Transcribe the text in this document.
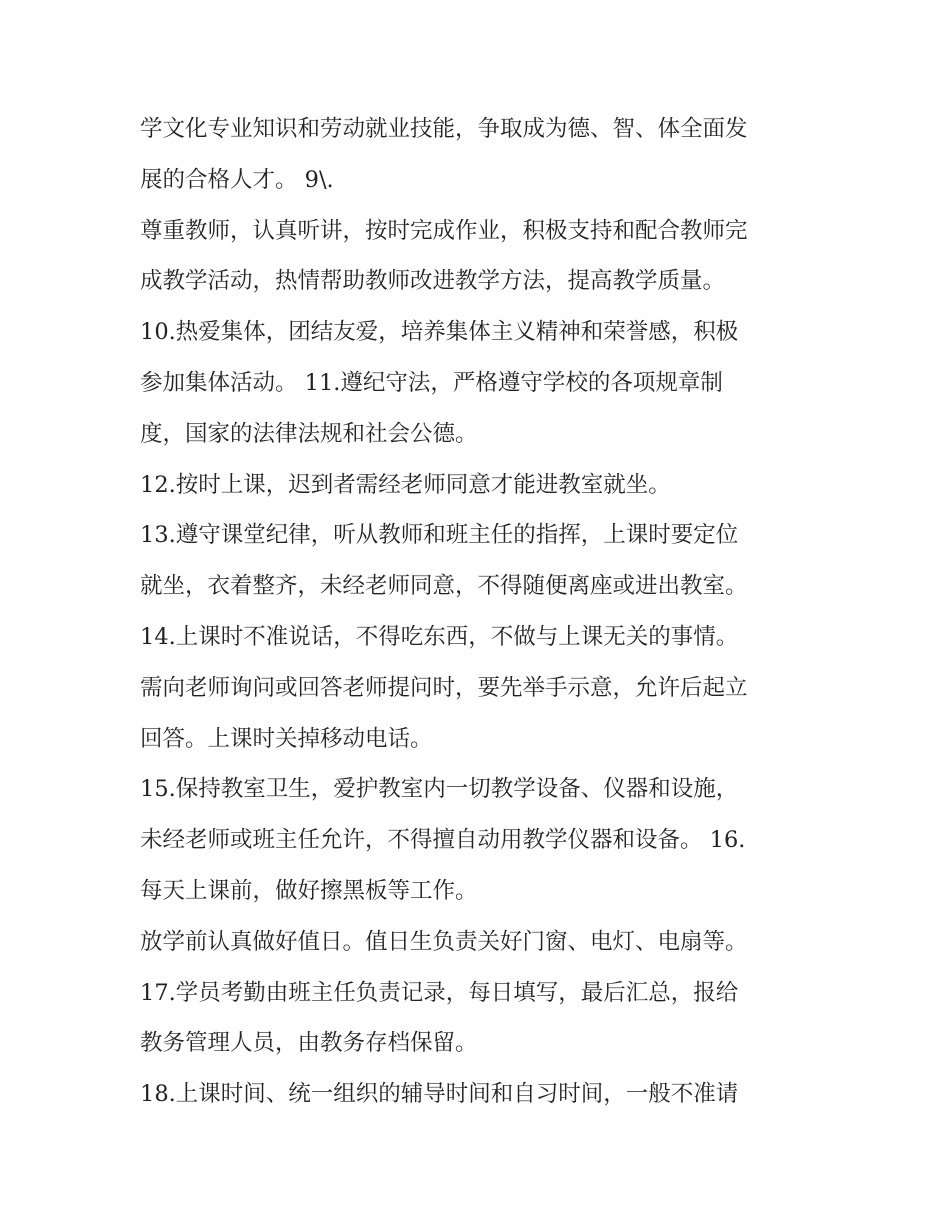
学文化专业知识和劳动就业技能，争取成为德、智、体全面发
展的合格人才。 9\.
尊重教师，认真听讲，按时完成作业，积极支持和配合教师完
成教学活动，热情帮助教师改进教学方法，提高教学质量。
10.热爱集体，团结友爱，培养集体主义精神和荣誉感，积极
参加集体活动。 11.遵纪守法，严格遵守学校的各项规章制
度，国家的法律法规和社会公德。
12.按时上课，迟到者需经老师同意才能进教室就坐。
13.遵守课堂纪律，听从教师和班主任的指挥，上课时要定位
就坐，衣着整齐，未经老师同意，不得随便离座或进出教室。
14.上课时不准说话，不得吃东西，不做与上课无关的事情。
需向老师询问或回答老师提问时，要先举手示意，允许后起立
回答。上课时关掉移动电话。
15.保持教室卫生，爱护教室内一切教学设备、仪器和设施，
未经老师或班主任允许，不得擅自动用教学仪器和设备。 16.
每天上课前，做好擦黑板等工作。
放学前认真做好值日。值日生负责关好门窗、电灯、电扇等。
17.学员考勤由班主任负责记录，每日填写，最后汇总，报给
教务管理人员，由教务存档保留。
18.上课时间、统一组织的辅导时间和自习时间，一般不准请
